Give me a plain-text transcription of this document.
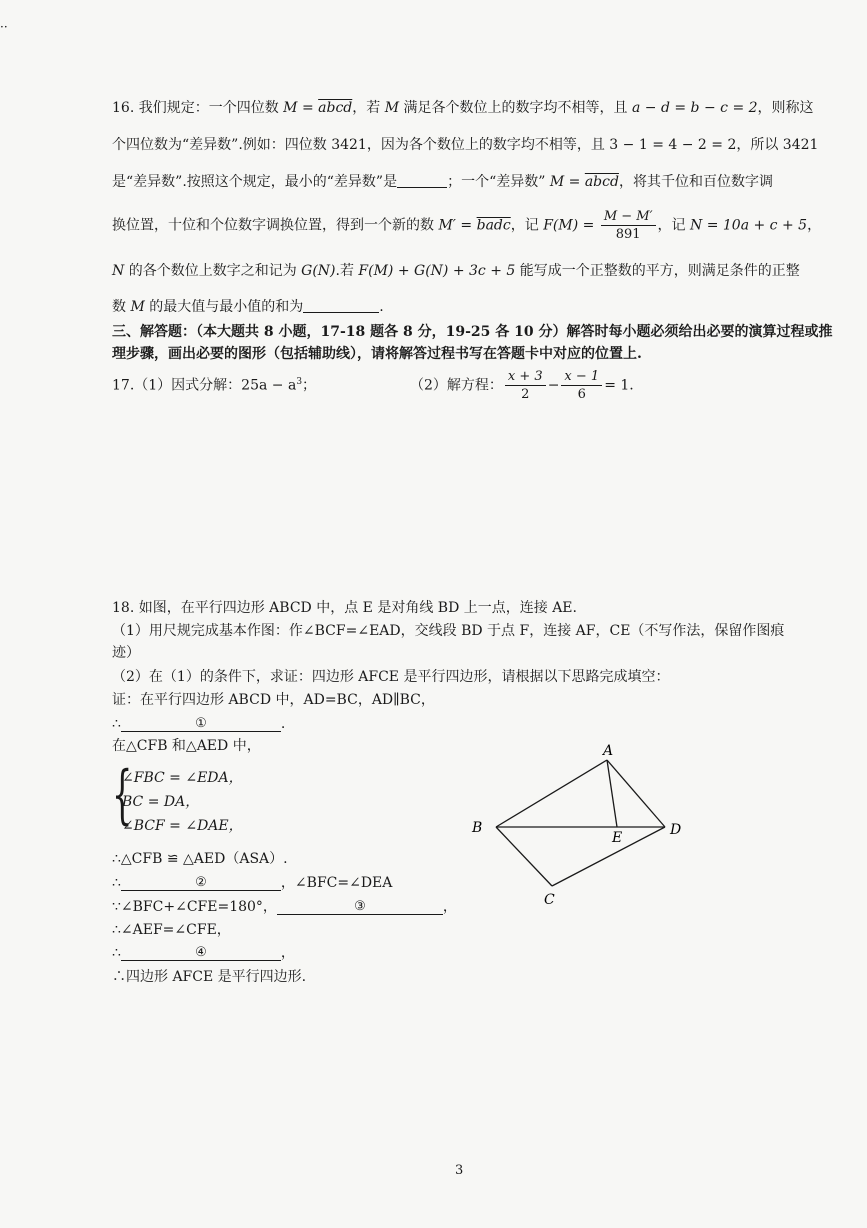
··
16. 我们规定：一个四位数 M = abcd，若 M 满足各个数位上的数字均不相等，且 a − d = b − c = 2，则称这
个四位数为“差异数”.例如：四位数 3421，因为各个数位上的数字均不相等，且 3 − 1 = 4 − 2 = 2，所以 3421
是“差异数”.按照这个规定，最小的“差异数”是	；一个“差异数” M = abcd，将其千位和百位数字调
换位置，十位和个位数字调换位置，得到一个新的数 M′ = badc，记 $F(M) = \frac{M - M'}{891}$ ，记 N = 10a + c + 5，
N 的各个数位上数字之和记为 G(N).若 F(M) + G(N) + 3c + 5 能写成一个正整数的平方，则满足条件的正整
数 M 的最大值与最小值的和为	.
三、解答题：（本大题共 8 小题，17-18 题各 8 分，19-25 各 10 分）解答时每小题必须给出必要的演算过程或推理步骤，画出必要的图形（包括辅助线），请将解答过程书写在答题卡中对应的位置上.
17.（1）因式分解：$25a - a^3$；	（2）解方程： $\frac{x + 3}{2} - \frac{x - 1}{6} = 1$.
18. 如图，在平行四边形 ABCD 中，点 E 是对角线 BD 上一点，连接 AE.
（1）用尺规完成基本作图：作∠BCF=∠EAD，交线段 BD 于点 F，连接 AF，CE（不写作法，保留作图痕
迹）
（2）在（1）的条件下，求证：四边形 AFCE 是平行四边形，请根据以下思路完成填空：
证：在平行四边形 ABCD 中，AD=BC，AD∥BC，
∴	①	.
在△CFB 和△AED 中，
{
∠FBC = ∠EDA，
BC = DA，
∠BCF = ∠DAE，
∴△CFB ≌ △AED（ASA）.
∴	②	，∠BFC=∠DEA
∵∠BFC+∠CFE=180°，	③	，
∴∠AEF=∠CFE，
∴	④	，
∴四边形 AFCE 是平行四边形.
A
B
C
D
E
3
